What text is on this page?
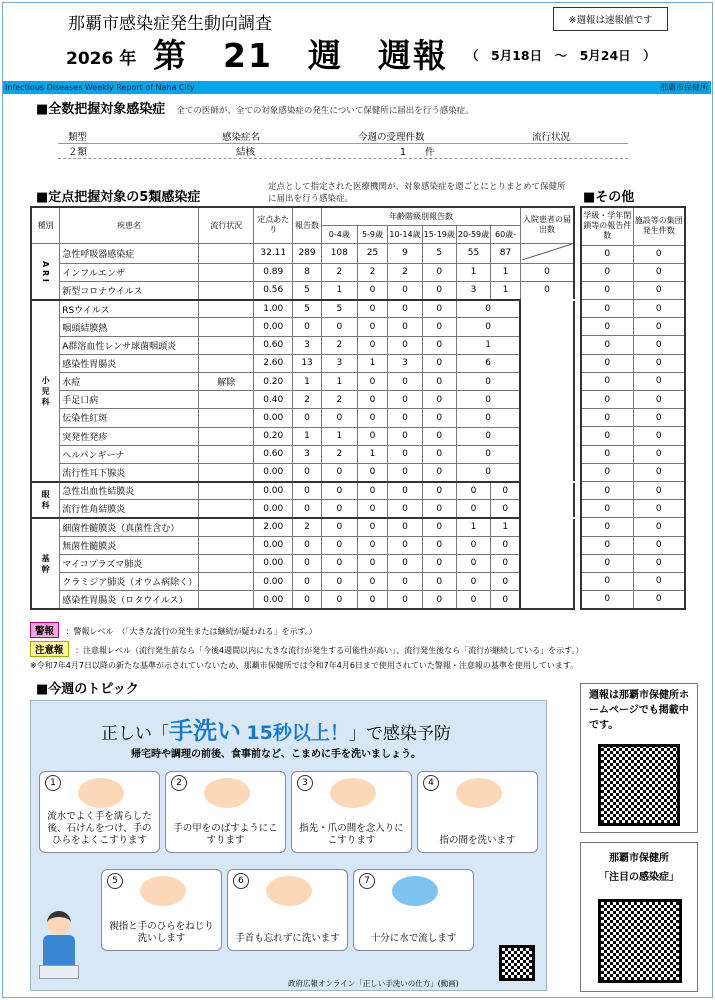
那覇市感染症発生動向調査
2026 年 第　21　週　週報 （　5月18日　～　5月24日　）
※週報は速報値です
Infectious Diseases Weekly Report of Naha City	那覇市保健所
■全数把握対象感染症 全ての医師が、全ての対象感染症の発生について保健所に届出を行う感染症。
類型	感染症名	今週の受理件数	流行状況
２類	結核	1　　件	
■定点把握対象の5類感染症
定点として指定された医療機関が、対象感染症を週ごとにとりまとめて保健所に届出を行う感染症。	■その他
種別	疾患名	流行状況	定点あたり	報告数	年齢階級別報告数						入院患者の届出数
					0-4歳	5-9歳	10-14歳	15-19歳	20-59歳	60歳-	
A R I	急性呼吸器感染症		32.11	289	108	25	9	5	55	87	
	インフルエンザ		0.89	8	2	2	2	0	1	1	0
	新型コロナウイルス		0.56	5	1	0	0	0	3	1	0
小 児 科	RSウイルス		1.00	5	5	0	0	0	0		
	咽頭結膜熱		0.00	0	0	0	0	0	0		
	A群溶血性レンサ球菌咽頭炎		0.60	3	2	0	0	0	1		
	感染性胃腸炎		2.60	13	3	1	3	0	6		
	水痘	解除	0.20	1	1	0	0	0	0		
	手足口病		0.40	2	2	0	0	0	0		
	伝染性紅斑		0.00	0	0	0	0	0	0		
	突発性発疹		0.20	1	1	0	0	0	0		
	ヘルパンギーナ		0.60	3	2	1	0	0	0		
	流行性耳下腺炎		0.00	0	0	0	0	0	0		
眼 科	急性出血性結膜炎		0.00	0	0	0	0	0	0	0	
	流行性角結膜炎		0.00	0	0	0	0	0	0	0	
基 幹	細菌性髄膜炎（真菌性含む）		2.00	2	0	0	0	0	1	1	
	無菌性髄膜炎		0.00	0	0	0	0	0	0	0	
	マイコプラズマ肺炎		0.00	0	0	0	0	0	0	0	
	クラミジア肺炎（オウム病除く）		0.00	0	0	0	0	0	0	0	
	感染性胃腸炎（ロタウイルス）		0.00	0	0	0	0	0	0	0	
学級・学年閉鎖等の報告件数	施設等の集団発生件数
0	0
0	0
0	0
0	0
0	0
0	0
0	0
0	0
0	0
0	0
0	0
0	0
0	0
0	0
0	0
0	0
0	0
0	0
0	0
0	0
警報 ：警報レベル　（「大きな流行の発生または継続が疑われる」を示す。）
注意報 ：注意報レベル（流行発生前なら「今後4週間以内に大きな流行が発生する可能性が高い」、流行発生後なら「流行が継続している」を示す。）
※令和7年4月7日以降の新たな基準が示されていないため、那覇市保健所では令和7年4月6日まで使用されていた警報・注意報の基準を使用しています。
■今週のトピック
正しい「手洗い 15秒以上！」で感染予防
帰宅時や調理の前後、食事前など、こまめに手を洗いましょう。
1
流水でよく手を濡らした後、石けんをつけ、手のひらをよくこすります
2
手の甲をのばすようにこすります
3
指先・爪の間を念入りにこすります
4
指の間を洗います
5
親指と手のひらをねじり洗いします
6
手首も忘れずに洗います
7
十分に水で流します
政府広報オンライン「正しい手洗いの仕方」(動画)
週報は那覇市保健所ホームページでも掲載中です。
那覇市保健所
「注目の感染症」
